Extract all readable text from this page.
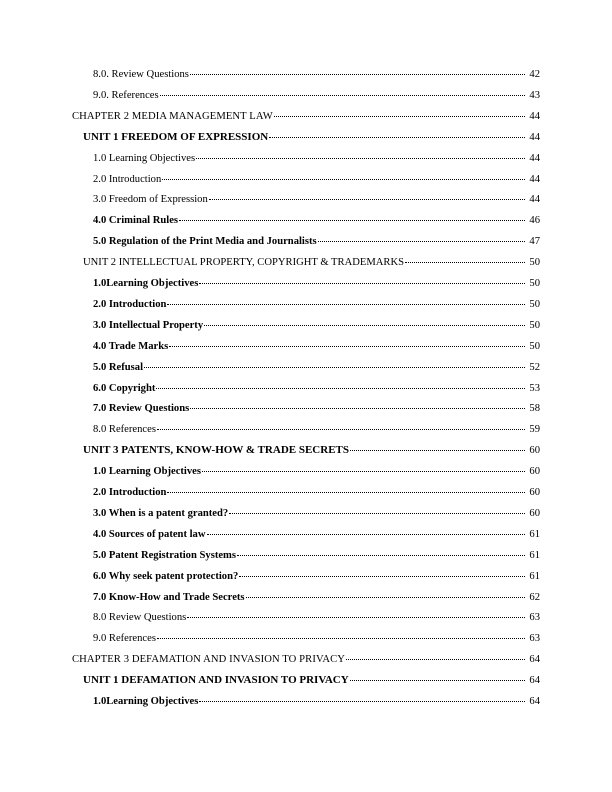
8.0. Review Questions	42
9.0. References	43
CHAPTER 2 MEDIA MANAGEMENT LAW	44
UNIT 1 FREEDOM OF EXPRESSION	44
1.0 Learning Objectives	44
2.0 Introduction	44
3.0 Freedom of Expression	44
4.0 Criminal Rules	46
5.0 Regulation of the Print Media and Journalists	47
UNIT 2 INTELLECTUAL PROPERTY, COPYRIGHT & TRADEMARKS	50
1.0Learning Objectives	50
2.0 Introduction	50
3.0 Intellectual Property	50
4.0 Trade Marks	50
5.0 Refusal	52
6.0 Copyright	53
7.0 Review Questions	58
8.0 References	59
UNIT 3 PATENTS, KNOW-HOW & TRADE SECRETS	60
1.0 Learning Objectives	60
2.0 Introduction	60
3.0 When is a patent granted?	60
4.0 Sources of patent law	61
5.0 Patent Registration Systems	61
6.0 Why seek patent protection?	61
7.0 Know-How and Trade Secrets	62
8.0 Review Questions	63
9.0 References	63
CHAPTER 3 DEFAMATION AND INVASION TO PRIVACY	64
UNIT 1 DEFAMATION AND INVASION TO PRIVACY	64
1.0Learning Objectives	64
